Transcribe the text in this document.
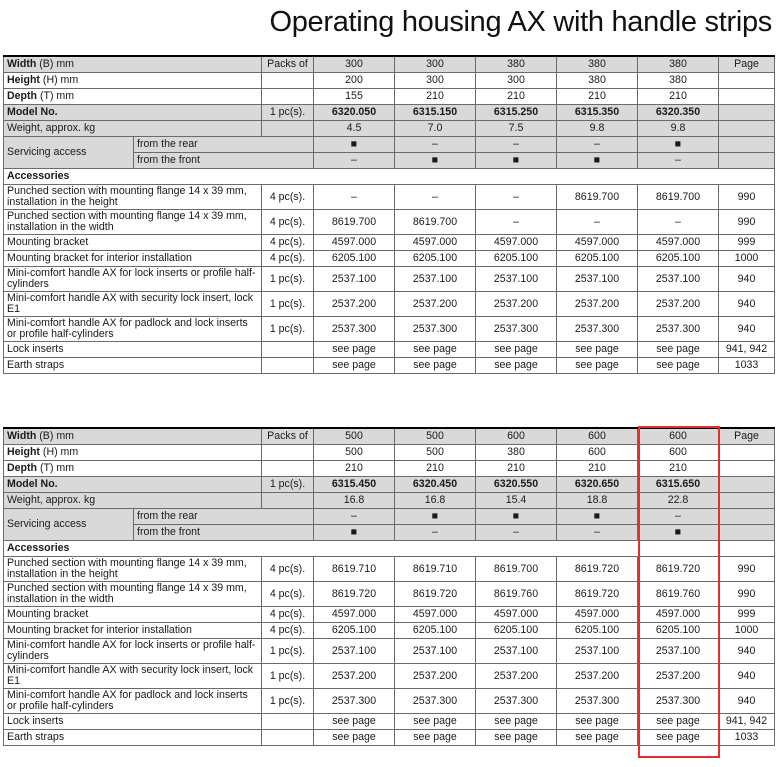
Operating housing AX with handle strips
Width (B) mm		Packs of	300	300	380	380	380	Page
Height (H) mm			200	300	300	380	380	
Depth (T) mm			155	210	210	210	210	
Model No.		1 pc(s).	6320.050	6315.150	6315.250	6315.350	6320.350	
Weight, approx. kg			4.5	7.0	7.5	9.8	9.8	
Servicing access	from the rear		■	–	–	–	■	
	from the front		–	■	■	■	–	
Accessories								
Punched section with mounting flange 14 x 39 mm, installation in the height		4 pc(s).	–	–	–	8619.700	8619.700	990
Punched section with mounting flange 14 x 39 mm, installation in the width		4 pc(s).	8619.700	8619.700	–	–	–	990
Mounting bracket		4 pc(s).	4597.000	4597.000	4597.000	4597.000	4597.000	999
Mounting bracket for interior installation		4 pc(s).	6205.100	6205.100	6205.100	6205.100	6205.100	1000
Mini-comfort handle AX for lock inserts or profile half-cylinders		1 pc(s).	2537.100	2537.100	2537.100	2537.100	2537.100	940
Mini-comfort handle AX with security lock insert, lock E1		1 pc(s).	2537.200	2537.200	2537.200	2537.200	2537.200	940
Mini-comfort handle AX for padlock and lock inserts or profile half-cylinders		1 pc(s).	2537.300	2537.300	2537.300	2537.300	2537.300	940
Lock inserts			see page	see page	see page	see page	see page	941, 942
Earth straps			see page	see page	see page	see page	see page	1033
Width (B) mm		Packs of	500	500	600	600	600	Page
Height (H) mm			500	500	380	600	600	
Depth (T) mm			210	210	210	210	210	
Model No.		1 pc(s).	6315.450	6320.450	6320.550	6320.650	6315.650	
Weight, approx. kg			16.8	16.8	15.4	18.8	22.8	
Servicing access	from the rear		–	■	■	■	–	
	from the front		■	–	–	–	■	
Accessories								
Punched section with mounting flange 14 x 39 mm, installation in the height		4 pc(s).	8619.710	8619.710	8619.700	8619.720	8619.720	990
Punched section with mounting flange 14 x 39 mm, installation in the width		4 pc(s).	8619.720	8619.720	8619.760	8619.720	8619.760	990
Mounting bracket		4 pc(s).	4597.000	4597.000	4597.000	4597.000	4597.000	999
Mounting bracket for interior installation		4 pc(s).	6205.100	6205.100	6205.100	6205.100	6205.100	1000
Mini-comfort handle AX for lock inserts or profile half-cylinders		1 pc(s).	2537.100	2537.100	2537.100	2537.100	2537.100	940
Mini-comfort handle AX with security lock insert, lock E1		1 pc(s).	2537.200	2537.200	2537.200	2537.200	2537.200	940
Mini-comfort handle AX for padlock and lock inserts or profile half-cylinders		1 pc(s).	2537.300	2537.300	2537.300	2537.300	2537.300	940
Lock inserts			see page	see page	see page	see page	see page	941, 942
Earth straps			see page	see page	see page	see page	see page	1033
